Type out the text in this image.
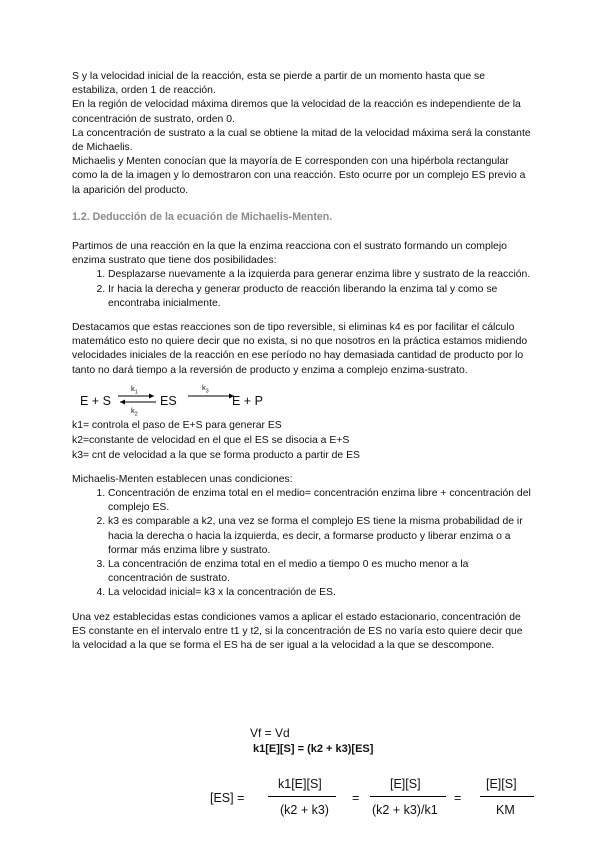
S y la velocidad inicial de la reacción, esta se pierde a partir de un momento hasta que se estabiliza, orden 1 de reacción.

En la región de velocidad máxima diremos que la velocidad de la reacción es independiente de la concentración de sustrato, orden 0.

La concentración de sustrato a la cual se obtiene la mitad de la velocidad máxima será la constante de Michaelis.

Michaelis y Menten conocían que la mayoría de E corresponden con una hipérbola rectangular como la de la imagen y lo demostraron con una reacción. Esto ocurre por un complejo ES previo a la aparición del producto.

1.2. Deducción de la ecuación de Michaelis-Menten.

Partimos de una reacción en la que la enzima reacciona con el sustrato formando un complejo enzima sustrato que tiene dos posibilidades:

1. Desplazarse nuevamente a la izquierda para generar enzima libre y sustrato de la reacción.
2. Ir hacia la derecha y generar producto de reacción liberando la enzima tal y como se encontraba inicialmente.

Destacamos que estas reacciones son de tipo reversible, si eliminas k4 es por facilitar el cálculo matemático esto no quiere decir que no exista, si no que nosotros en la práctica estamos midiendo velocidades iniciales de la reacción en ese período no hay demasiada cantidad de producto por lo tanto no dará tiempo a la reversión de producto y enzima a complejo enzima-sustrato.

E + S
$k_1$
$k_2$
ES
$k_3$
E + P

k1= controla el paso de E+S para generar ES

k2=constante de velocidad en el que el ES se disocia a E+S

k3= cnt de velocidad a la que se forma producto a partir de ES

Michaelis-Menten establecen unas condiciones:

1. Concentración de enzima total en el medio= concentración enzima libre + concentración del complejo ES.
2. k3 es comparable a k2, una vez se forma el complejo ES tiene la misma probabilidad de ir hacia la derecha o hacia la izquierda, es decir, a formarse producto y liberar enzima o a formar más enzima libre y sustrato.
3. La concentración de enzima total en el medio a tiempo 0 es mucho menor a la concentración de sustrato.
4. La velocidad inicial= k3 x la concentración de ES.

Una vez establecidas estas condiciones vamos a aplicar el estado estacionario, concentración de ES constante en el intervalo entre t1 y t2, si la concentración de ES no varía esto quiere decir que la velocidad a la que se forma el ES ha de ser igual a la velocidad a la que se descompone.

Vf = Vd
k1[E][S] = (k2 + k3)[ES]
[ES] =
k1[E][S]
(k2 + k3)
=
[E][S]
(k2 + k3)/k1
=
[E][S]
KM
